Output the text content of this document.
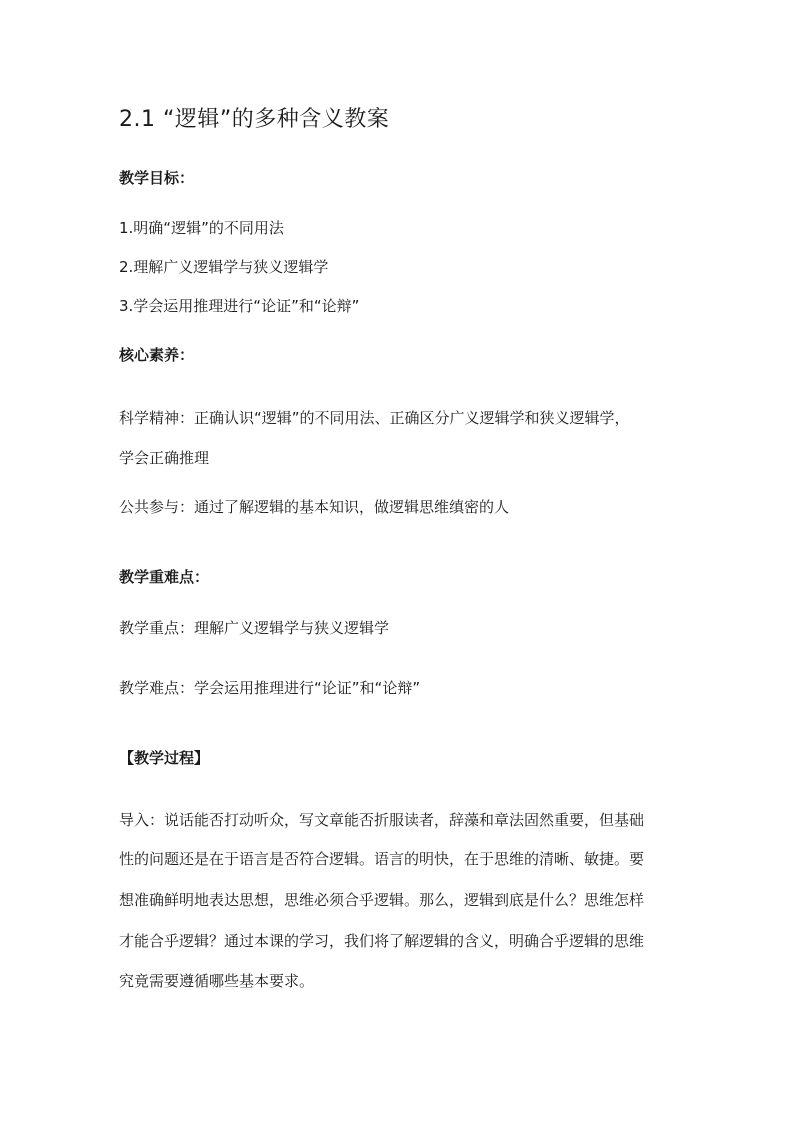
2.1 “逻辑”的多种含义教案
教学目标：
1.明确“逻辑”的不同用法
2.理解广义逻辑学与狭义逻辑学
3.学会运用推理进行“论证”和“论辩”
核心素养：
科学精神：正确认识“逻辑”的不同用法、正确区分广义逻辑学和狭义逻辑学，
学会正确推理
公共参与：通过了解逻辑的基本知识，做逻辑思维缜密的人
教学重难点：
教学重点：理解广义逻辑学与狭义逻辑学
教学难点：学会运用推理进行“论证”和“论辩”
【教学过程】
导入：说话能否打动听众，写文章能否折服读者，辞藻和章法固然重要，但基础
性的问题还是在于语言是否符合逻辑。语言的明快，在于思维的清晰、敏捷。要
想准确鲜明地表达思想，思维必须合乎逻辑。那么，逻辑到底是什么？思维怎样
才能合乎逻辑？通过本课的学习，我们将了解逻辑的含义，明确合乎逻辑的思维
究竟需要遵循哪些基本要求。
